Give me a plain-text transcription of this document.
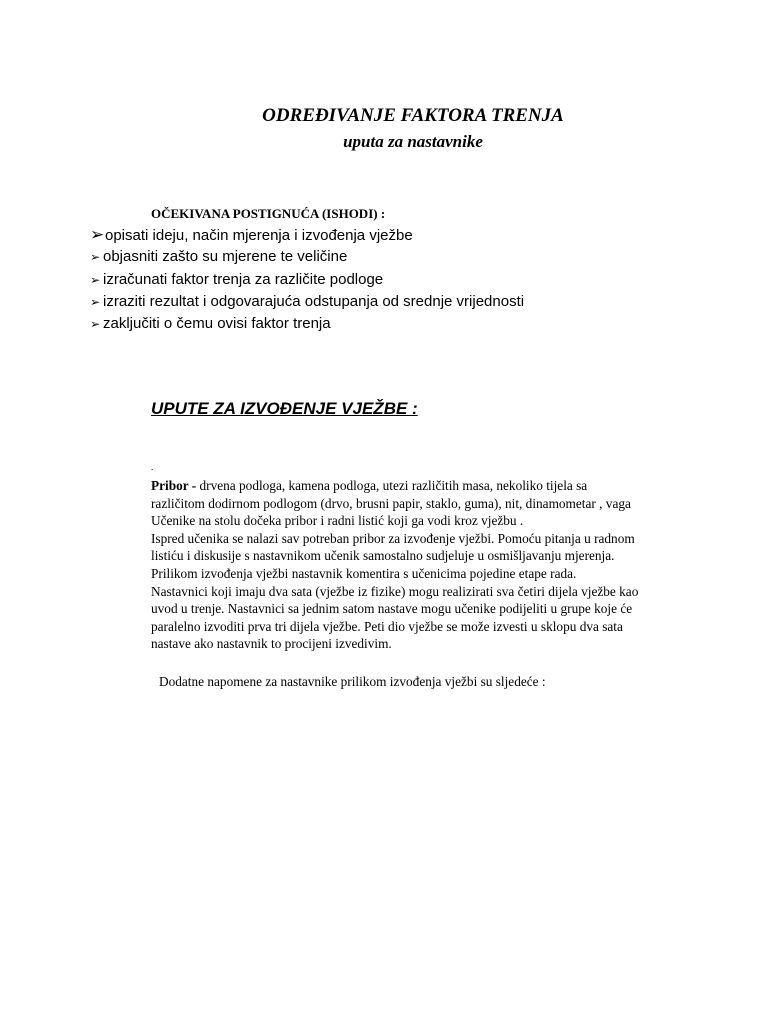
ODREĐIVANJE FAKTORA TRENJA
uputa za nastavnike
OČEKIVANA POSTIGNUĆA (ISHODI) :
➢opisati ideju, način mjerenja i izvođenja vježbe
➢ objasniti zašto su mjerene te veličine
➢ izračunati faktor trenja za različite podloge
➢ izraziti rezultat i odgovarajuća odstupanja od srednje vrijednosti
➢ zaključiti o čemu ovisi faktor trenja
UPUTE ZA IZVOĐENJE VJEŽBE :
.
Pribor - drvena podloga, kamena podloga, utezi različitih masa, nekoliko tijela sa
različitom dodirnom podlogom (drvo, brusni papir, staklo, guma), nit, dinamometar , vaga
Učenike na stolu dočeka pribor i radni listić koji ga vodi kroz vježbu .
Ispred učenika se nalazi sav potreban pribor za izvođenje vježbi. Pomoću pitanja u radnom
listiću i diskusije s nastavnikom učenik samostalno sudjeluje u osmišljavanju mjerenja.
Prilikom izvođenja vježbi nastavnik komentira s učenicima pojedine etape rada.
Nastavnici koji imaju dva sata (vježbe iz fizike) mogu realizirati sva četiri dijela vježbe kao
uvod u trenje. Nastavnici sa jednim satom nastave mogu učenike podijeliti u grupe koje će
paralelno izvoditi prva tri dijela vježbe. Peti dio vježbe se može izvesti u sklopu dva sata
nastave ako nastavnik to procijeni izvedivim.
Dodatne napomene za nastavnike prilikom izvođenja vježbi su sljedeće :
